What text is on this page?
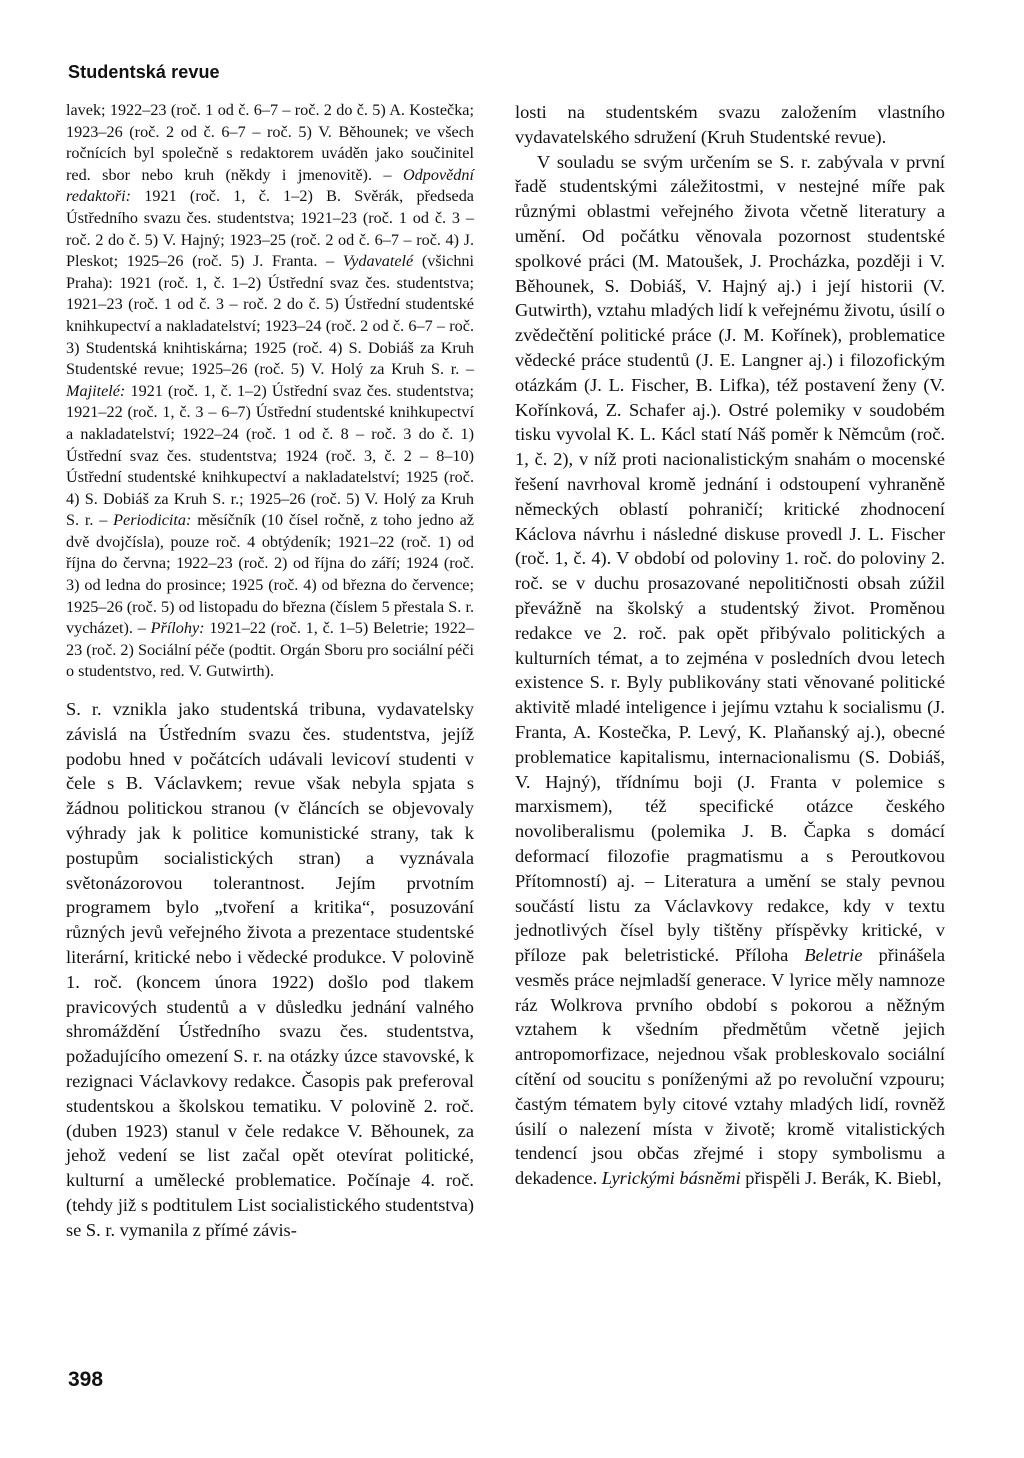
Studentská revue

lavek; 1922–23 (roč. 1 od č. 6–7 – roč. 2 do č. 5) A. Kostečka; 1923–26 (roč. 2 od č. 6–7 – roč. 5) V. Běhounek; ve všech ročnících byl společně s redaktorem uváděn jako součinitel red. sbor nebo kruh (někdy i jmenovitě). – Odpovědní redaktoři: 1921 (roč. 1, č. 1–2) B. Svěrák, předseda Ústředního svazu čes. studentstva; 1921–23 (roč. 1 od č. 3 – roč. 2 do č. 5) V. Hajný; 1923–25 (roč. 2 od č. 6–7 – roč. 4) J. Pleskot; 1925–26 (roč. 5) J. Franta. – Vydavatelé (všichni Praha): 1921 (roč. 1, č. 1–2) Ústřední svaz čes. studentstva; 1921–23 (roč. 1 od č. 3 – roč. 2 do č. 5) Ústřední studentské knihkupectví a nakladatelství; 1923–24 (roč. 2 od č. 6–7 – roč. 3) Studentská knihtiskárna; 1925 (roč. 4) S. Dobiáš za Kruh Studentské revue; 1925–26 (roč. 5) V. Holý za Kruh S. r. – Majitelé: 1921 (roč. 1, č. 1–2) Ústřední svaz čes. studentstva; 1921–22 (roč. 1, č. 3 – 6–7) Ústřední studentské knihkupectví a nakladatelství; 1922–24 (roč. 1 od č. 8 – roč. 3 do č. 1) Ústřední svaz čes. studentstva; 1924 (roč. 3, č. 2 – 8–10) Ústřední studentské knihkupectví a nakladatelství; 1925 (roč. 4) S. Dobiáš za Kruh S. r.; 1925–26 (roč. 5) V. Holý za Kruh S. r. – Periodicita: měsíčník (10 čísel ročně, z toho jedno až dvě dvojčísla), pouze roč. 4 obtýdeník; 1921–22 (roč. 1) od října do června; 1922–23 (roč. 2) od října do září; 1924 (roč. 3) od ledna do prosince; 1925 (roč. 4) od března do července; 1925–26 (roč. 5) od listopadu do března (číslem 5 přestala S. r. vycházet). – Přílohy: 1921–22 (roč. 1, č. 1–5) Beletrie; 1922–23 (roč. 2) Sociální péče (podtit. Orgán Sboru pro sociální péči o studentstvo, red. V. Gutwirth).

S. r. vznikla jako studentská tribuna, vydavatelsky závislá na Ústředním svazu čes. studentstva, jejíž podobu hned v počátcích udávali levicoví studenti v čele s B. Václavkem; revue však nebyla spjata s žádnou politickou stranou (v článcích se objevovaly výhrady jak k politice komunistické strany, tak k postupům socialistických stran) a vyznávala světonázorovou tolerantnost. Jejím prvotním programem bylo „tvoření a kritika“, posuzování různých jevů veřejného života a prezentace studentské literární, kritické nebo i vědecké produkce. V polovině 1. roč. (koncem února 1922) došlo pod tlakem pravicových studentů a v důsledku jednání valného shromáždění Ústředního svazu čes. studentstva, požadujícího omezení S. r. na otázky úzce stavovské, k rezignaci Václavkovy redakce. Časopis pak preferoval studentskou a školskou tematiku. V polovině 2. roč. (duben 1923) stanul v čele redakce V. Běhounek, za jehož vedení se list začal opět otevírat politické, kulturní a umělecké problematice. Počínaje 4. roč. (tehdy již s podtitulem List socialistického studentstva) se S. r. vymanila z přímé závis-

losti na studentském svazu založením vlastního vydavatelského sdružení (Kruh Studentské revue).

V souladu se svým určením se S. r. zabývala v první řadě studentskými záležitostmi, v nestejné míře pak různými oblastmi veřejného života včetně literatury a umění. Od počátku věnovala pozornost studentské spolkové práci (M. Matoušek, J. Procházka, později i V. Běhounek, S. Dobiáš, V. Hajný aj.) i její historii (V. Gutwirth), vztahu mladých lidí k veřejnému životu, úsilí o zvědečtění politické práce (J. M. Kořínek), problematice vědecké práce studentů (J. E. Langner aj.) i filozofickým otázkám (J. L. Fischer, B. Lifka), též postavení ženy (V. Kořínková, Z. Schafer aj.). Ostré polemiky v soudobém tisku vyvolal K. L. Kácl statí Náš poměr k Němcům (roč. 1, č. 2), v níž proti nacionalistickým snahám o mocenské řešení navrhoval kromě jednání i odstoupení vyhraněně německých oblastí pohraničí; kritické zhodnocení Káclova návrhu i následné diskuse provedl J. L. Fischer (roč. 1, č. 4). V období od poloviny 1. roč. do poloviny 2. roč. se v duchu prosazované nepolitičnosti obsah zúžil převážně na školský a studentský život. Proměnou redakce ve 2. roč. pak opět přibývalo politických a kulturních témat, a to zejména v posledních dvou letech existence S. r. Byly publikovány stati věnované politické aktivitě mladé inteligence i jejímu vztahu k socialismu (J. Franta, A. Kostečka, P. Levý, K. Plaňanský aj.), obecné problematice kapitalismu, internacionalismu (S. Dobiáš, V. Hajný), třídnímu boji (J. Franta v polemice s marxismem), též specifické otázce českého novoliberalismu (polemika J. B. Čapka s domácí deformací filozofie pragmatismu a s Peroutkovou Přítomností) aj. – Literatura a umění se staly pevnou součástí listu za Václavkovy redakce, kdy v textu jednotlivých čísel byly tištěny příspěvky kritické, v příloze pak beletristické. Příloha Beletrie přinášela vesměs práce nejmladší generace. V lyrice měly namnoze ráz Wolkrova prvního období s pokorou a něžným vztahem k všedním předmětům včetně jejich antropomorfizace, nejednou však probleskovalo sociální cítění od soucitu s poníženými až po revoluční vzpouru; častým tématem byly citové vztahy mladých lidí, rovněž úsilí o nalezení místa v životě; kromě vitalistických tendencí jsou občas zřejmé i stopy symbolismu a dekadence. Lyrickými básněmi přispěli J. Berák, K. Biebl,

398
